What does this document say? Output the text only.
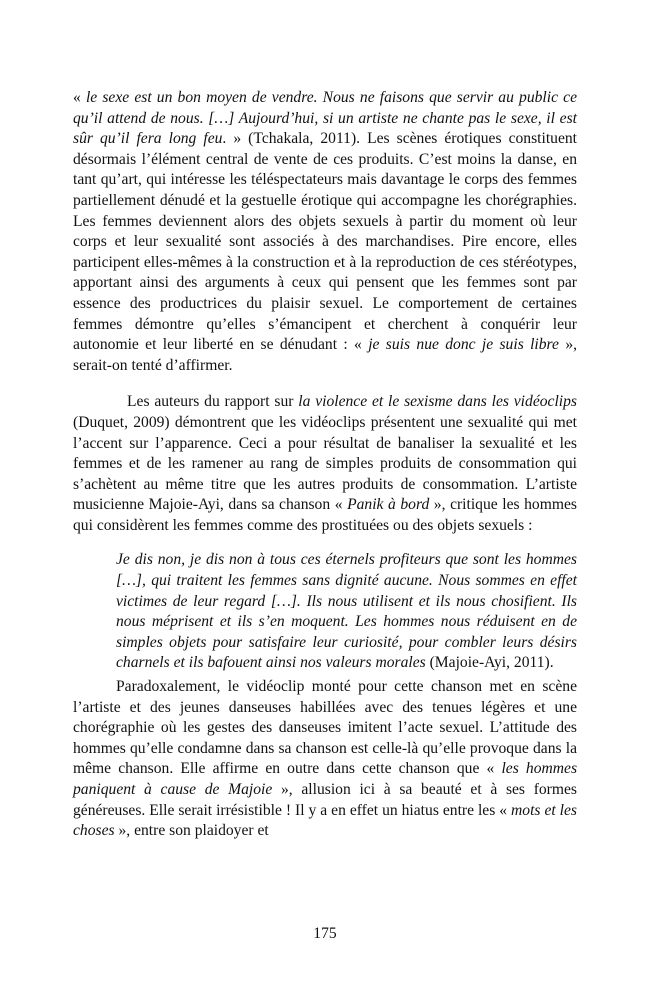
« le sexe est un bon moyen de vendre. Nous ne faisons que servir au public ce qu’il attend de nous. […] Aujourd’hui, si un artiste ne chante pas le sexe, il est sûr qu’il fera long feu. » (Tchakala, 2011). Les scènes érotiques constituent désormais l’élément central de vente de ces produits. C’est moins la danse, en tant qu’art, qui intéresse les téléspectateurs mais davantage le corps des femmes partiellement dénudé et la gestuelle érotique qui accompagne les chorégraphies. Les femmes deviennent alors des objets sexuels à partir du moment où leur corps et leur sexualité sont associés à des marchandises. Pire encore, elles participent elles-mêmes à la construction et à la reproduction de ces stéréotypes, apportant ainsi des arguments à ceux qui pensent que les femmes sont par essence des productrices du plaisir sexuel. Le comportement de certaines femmes démontre qu’elles s’émancipent et cherchent à conquérir leur autonomie et leur liberté en se dénudant : « je suis nue donc je suis libre », serait-on tenté d’affirmer.

Les auteurs du rapport sur la violence et le sexisme dans les vidéoclips (Duquet, 2009) démontrent que les vidéoclips présentent une sexualité qui met l’accent sur l’apparence. Ceci a pour résultat de banaliser la sexualité et les femmes et de les ramener au rang de simples produits de consommation qui s’achètent au même titre que les autres produits de consommation. L’artiste musicienne Majoie-Ayi, dans sa chanson « Panik à bord », critique les hommes qui considèrent les femmes comme des prostituées ou des objets sexuels :

Je dis non, je dis non à tous ces éternels profiteurs que sont les hommes […], qui traitent les femmes sans dignité aucune. Nous sommes en effet victimes de leur regard […]. Ils nous utilisent et ils nous chosifient. Ils nous méprisent et ils s’en moquent. Les hommes nous réduisent en de simples objets pour satisfaire leur curiosité, pour combler leurs désirs charnels et ils bafouent ainsi nos valeurs morales (Majoie-Ayi, 2011).

Paradoxalement, le vidéoclip monté pour cette chanson met en scène l’artiste et des jeunes danseuses habillées avec des tenues légères et une chorégraphie où les gestes des danseuses imitent l’acte sexuel. L’attitude des hommes qu’elle condamne dans sa chanson est celle-là qu’elle provoque dans la même chanson. Elle affirme en outre dans cette chanson que « les hommes paniquent à cause de Majoie », allusion ici à sa beauté et à ses formes généreuses. Elle serait irrésistible ! Il y a en effet un hiatus entre les « mots et les choses », entre son plaidoyer et

175
